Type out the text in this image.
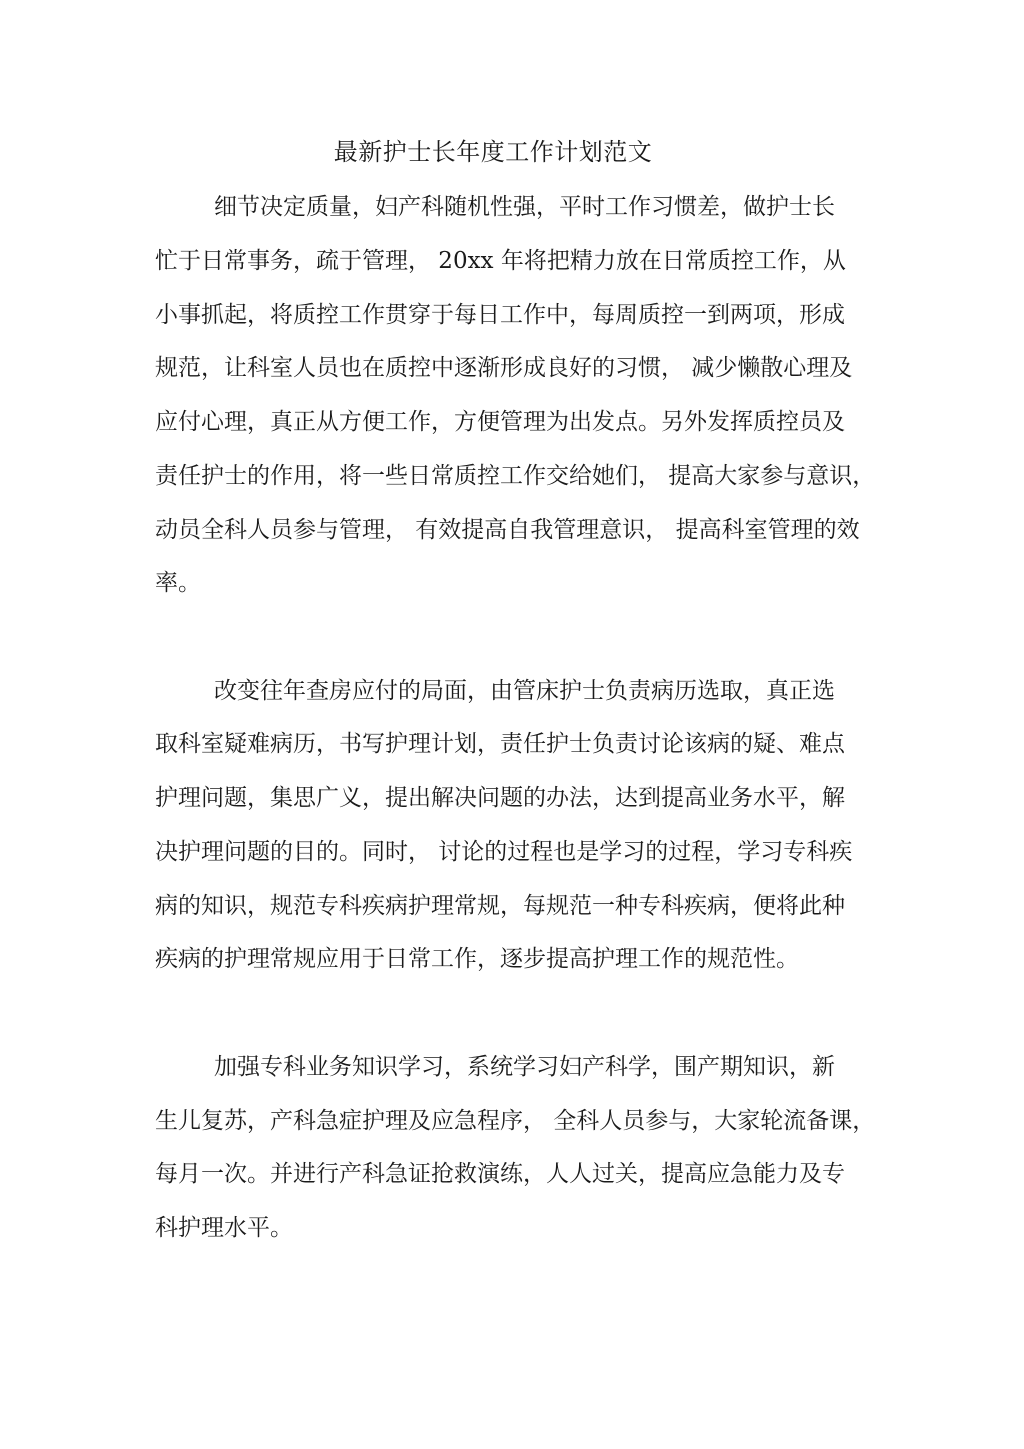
最新护士长年度工作计划范文
细节决定质量，妇产科随机性强，平时工作习惯差，做护士长
忙于日常事务，疏于管理， 20xx 年将把精力放在日常质控工作，从
小事抓起，将质控工作贯穿于每日工作中，每周质控一到两项，形成
规范，让科室人员也在质控中逐渐形成良好的习惯， 减少懒散心理及
应付心理，真正从方便工作，方便管理为出发点。另外发挥质控员及
责任护士的作用，将一些日常质控工作交给她们， 提高大家参与意识，
动员全科人员参与管理， 有效提高自我管理意识， 提高科室管理的效
率。
改变往年查房应付的局面，由管床护士负责病历选取，真正选
取科室疑难病历，书写护理计划，责任护士负责讨论该病的疑、难点
护理问题，集思广义，提出解决问题的办法，达到提高业务水平，解
决护理问题的目的。同时， 讨论的过程也是学习的过程，学习专科疾
病的知识，规范专科疾病护理常规，每规范一种专科疾病，便将此种
疾病的护理常规应用于日常工作，逐步提高护理工作的规范性。
加强专科业务知识学习，系统学习妇产科学，围产期知识，新
生儿复苏，产科急症护理及应急程序， 全科人员参与，大家轮流备课，
每月一次。并进行产科急证抢救演练，人人过关，提高应急能力及专
科护理水平。
